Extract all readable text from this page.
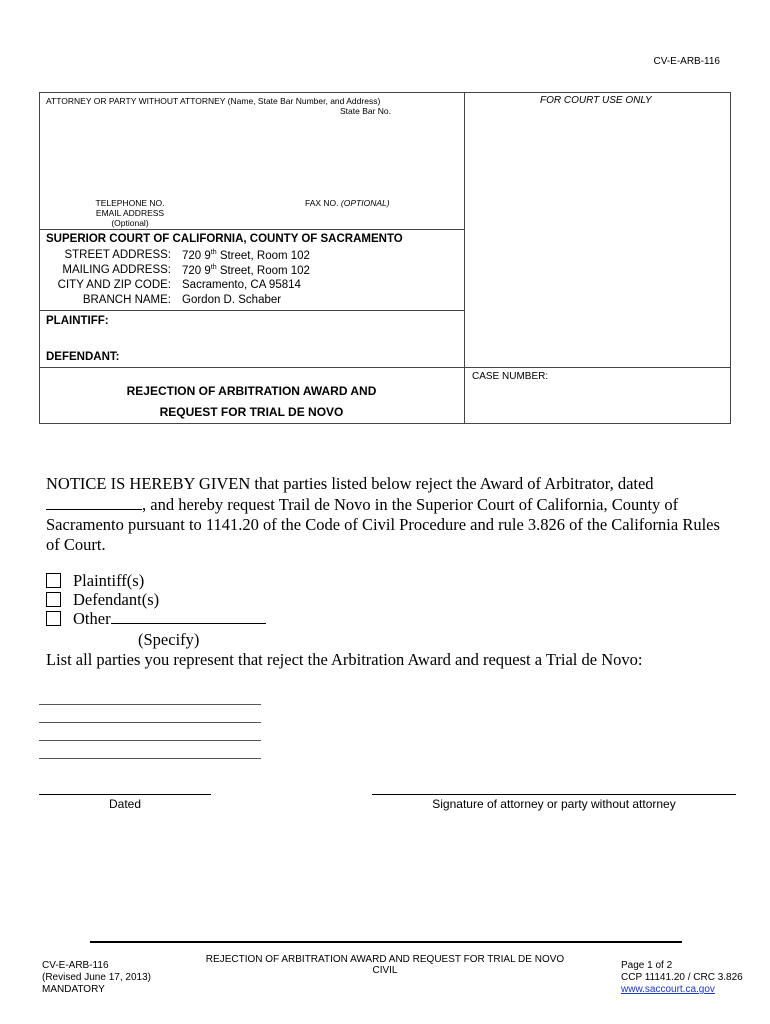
CV-E-ARB-116
ATTORNEY OR PARTY WITHOUT ATTORNEY (Name, State Bar Number, and Address)
State Bar No.
FOR COURT USE ONLY
TELEPHONE NO.
EMAIL ADDRESS
(Optional)
FAX NO. (OPTIONAL)
SUPERIOR COURT OF CALIFORNIA, COUNTY OF SACRAMENTO
STREET ADDRESS: 720 9th Street, Room 102
MAILING ADDRESS: 720 9th Street, Room 102
CITY AND ZIP CODE: Sacramento, CA 95814
BRANCH NAME: Gordon D. Schaber
PLAINTIFF:
DEFENDANT:
CASE NUMBER:
REJECTION OF ARBITRATION AWARD AND
REQUEST FOR TRIAL DE NOVO
NOTICE IS HEREBY GIVEN that parties listed below reject the Award of Arbitrator, dated
, and hereby request Trail de Novo in the Superior Court of California, County of Sacramento pursuant to 1141.20 of the Code of Civil Procedure and rule 3.826 of the California Rules of Court.
Plaintiff(s)
Defendant(s)
Other
(Specify)
List all parties you represent that reject the Arbitration Award and request a Trial de Novo:
Dated	Signature of attorney or party without attorney
CV-E-ARB-116
(Revised June 17, 2013)
MANDATORY
REJECTION OF ARBITRATION AWARD AND REQUEST FOR TRIAL DE NOVO
CIVIL	Page 1 of 2
CCP 11141.20 / CRC 3.826
www.saccourt.ca.gov
